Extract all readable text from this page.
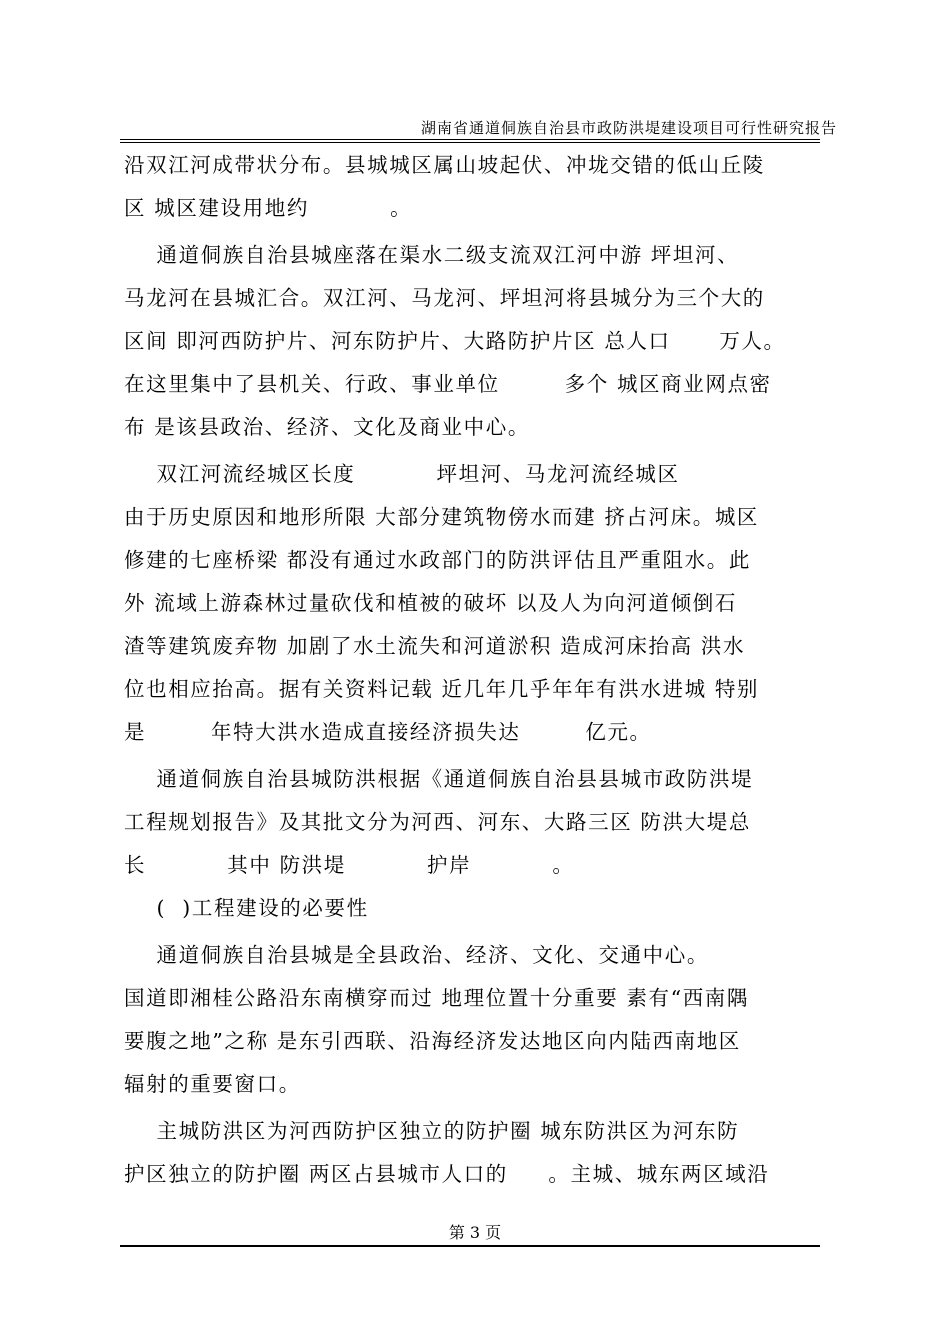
湖南省通道侗族自治县市政防洪堤建设项目可行性研究报告
沿双江河成带状分布。县城城区属山坡起伏、冲垅交错的低山丘陵
区 城区建设用地约          。
通道侗族自治县城座落在渠水二级支流双江河中游 坪坦河、
马龙河在县城汇合。双江河、马龙河、坪坦河将县城分为三个大的
区间 即河西防护片、河东防护片、大路防护片区 总人口      万人。
在这里集中了县机关、行政、事业单位        多个 城区商业网点密
布 是该县政治、经济、文化及商业中心。
双江河流经城区长度          坪坦河、马龙河流经城区
由于历史原因和地形所限 大部分建筑物傍水而建 挤占河床。城区
修建的七座桥梁 都没有通过水政部门的防洪评估且严重阻水。此
外 流域上游森林过量砍伐和植被的破坏 以及人为向河道倾倒石
渣等建筑废弃物 加剧了水土流失和河道淤积 造成河床抬高 洪水
位也相应抬高。据有关资料记载 近几年几乎年年有洪水进城 特别
是        年特大洪水造成直接经济损失达        亿元。
通道侗族自治县城防洪根据《通道侗族自治县县城市政防洪堤
工程规划报告》及其批文分为河西、河东、大路三区 防洪大堤总
长          其中 防洪堤          护岸          。
(  )工程建设的必要性
通道侗族自治县城是全县政治、经济、文化、交通中心。
国道即湘桂公路沿东南横穿而过 地理位置十分重要 素有“西南隅
要腹之地”之称 是东引西联、沿海经济发达地区向内陆西南地区
辐射的重要窗口。
主城防洪区为河西防护区独立的防护圈 城东防洪区为河东防
护区独立的防护圈 两区占县城市人口的     。主城、城东两区域沿
第 3 页
